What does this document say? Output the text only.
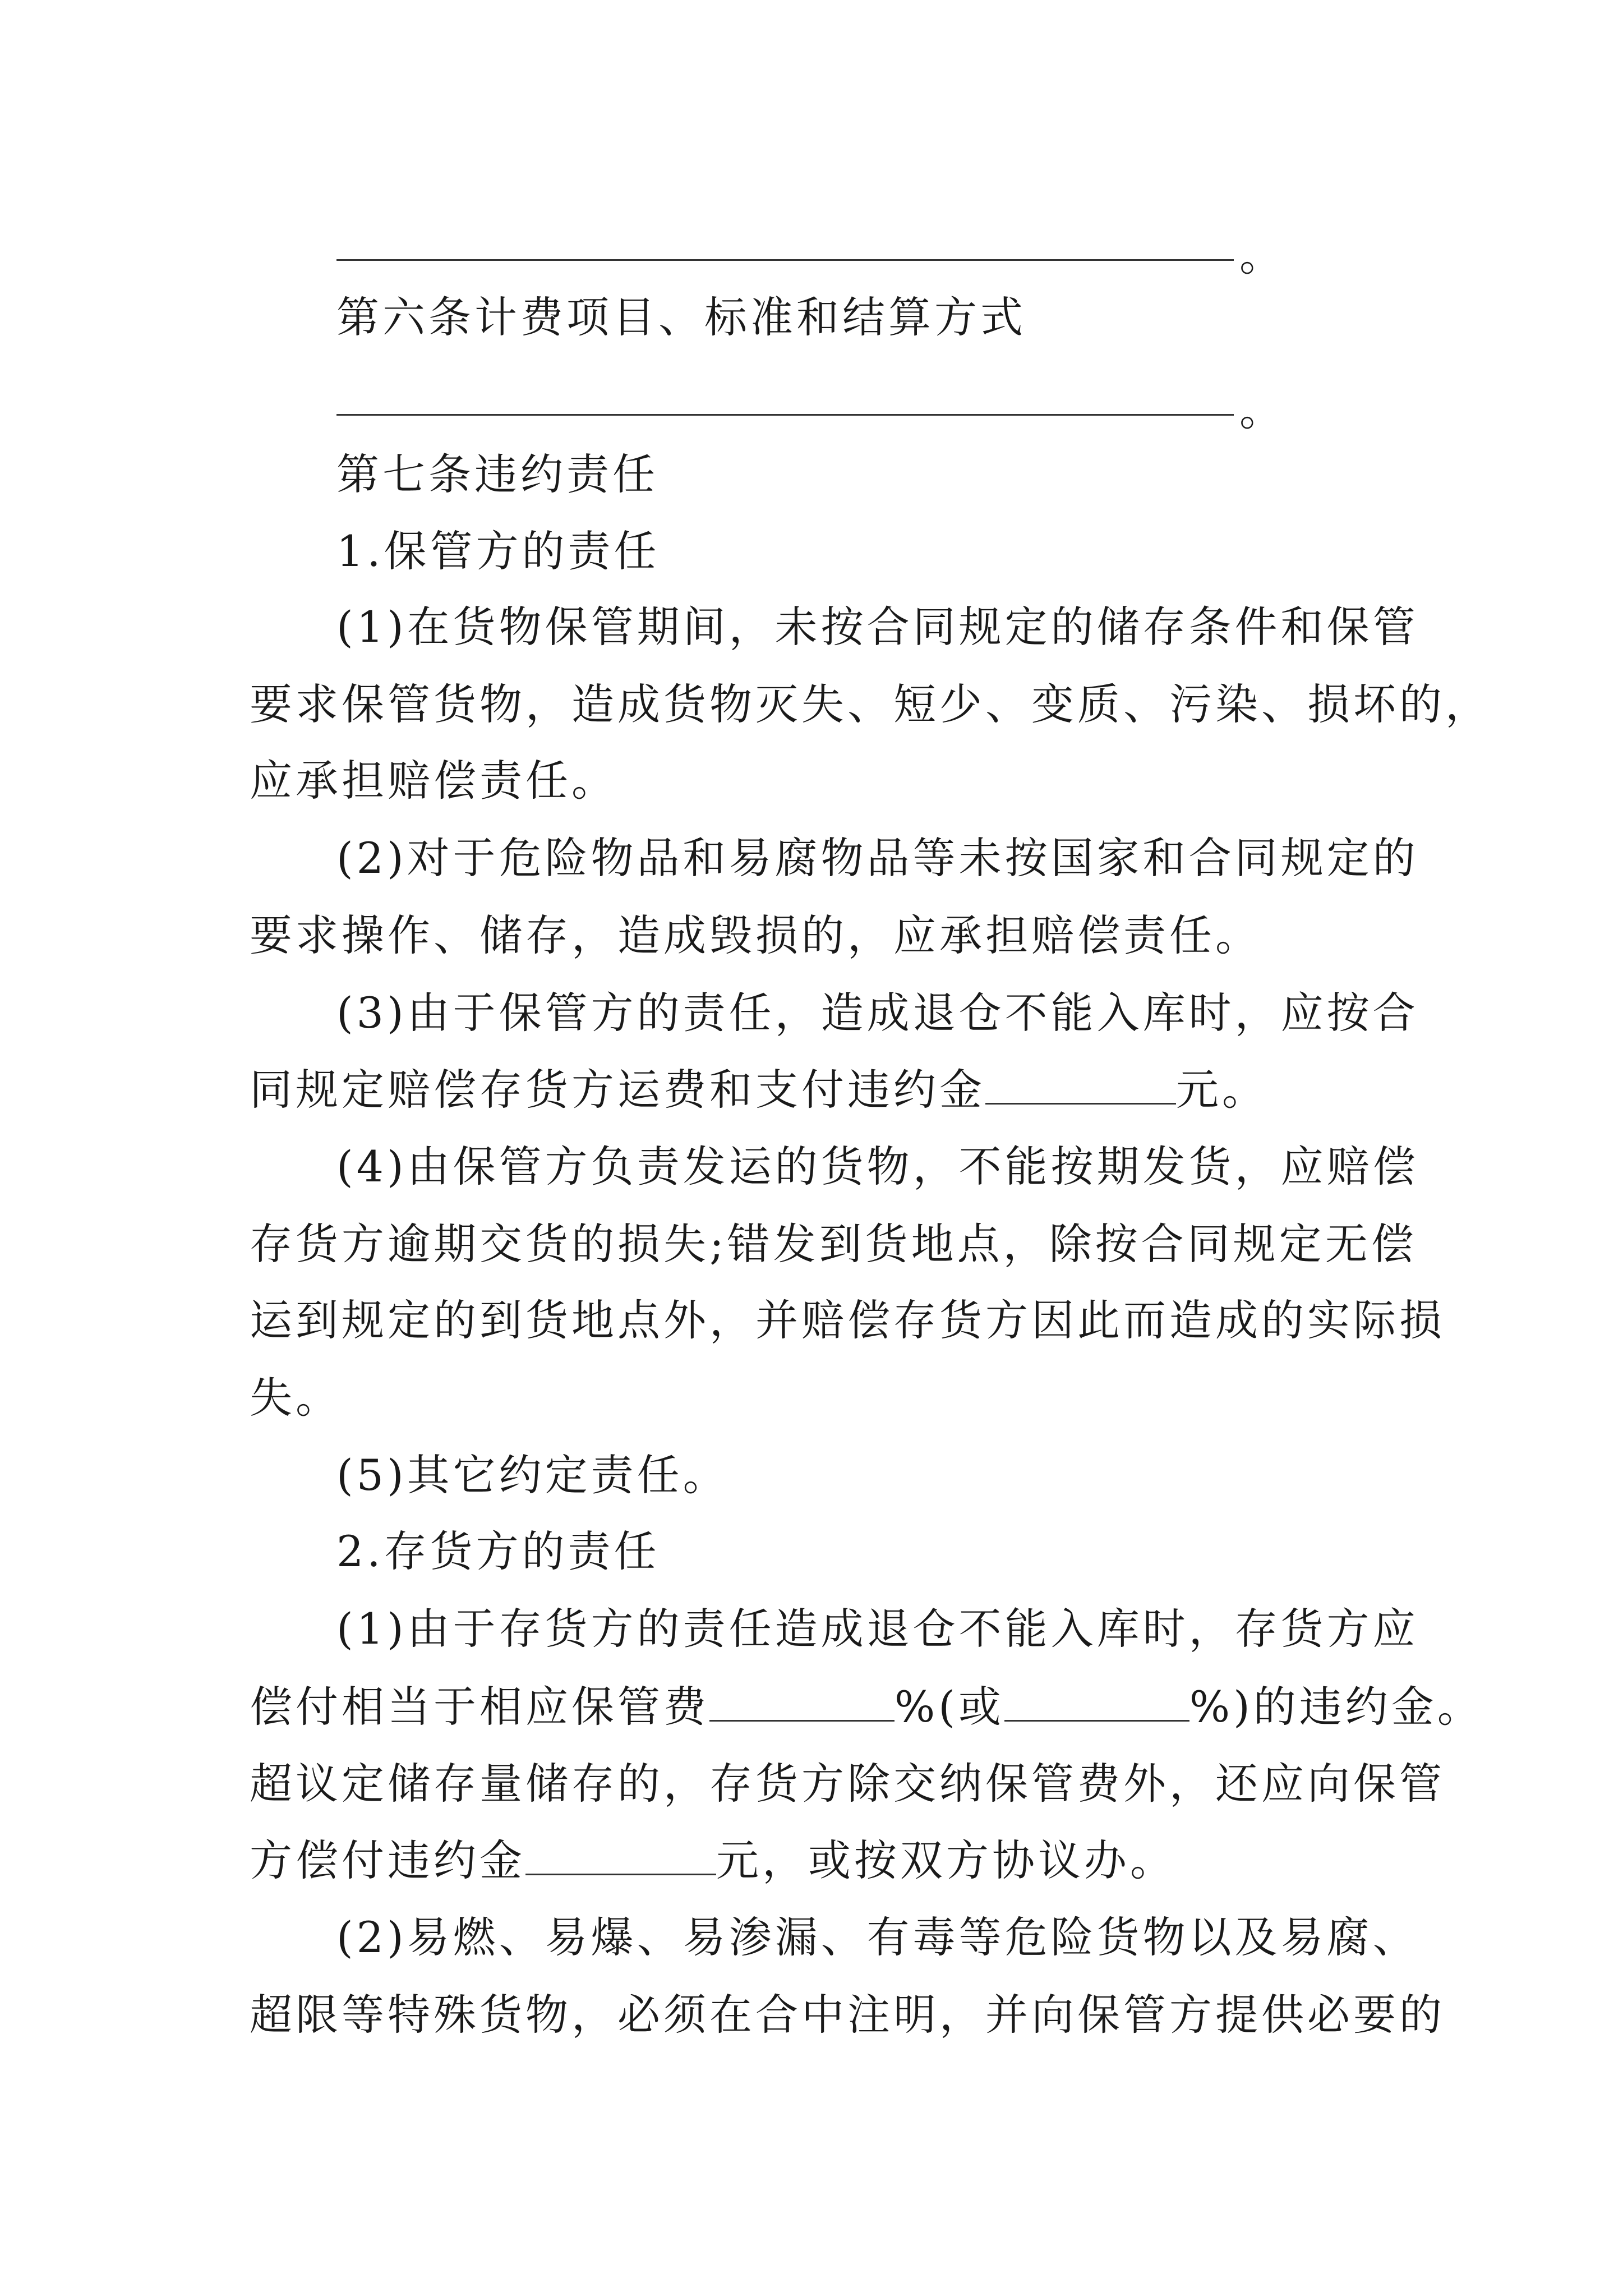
。
第六条计费项目、标准和结算方式
。
第七条违约责任
1.保管方的责任
(1)在货物保管期间，未按合同规定的储存条件和保管
要求保管货物，造成货物灭失、短少、变质、污染、损坏的，
应承担赔偿责任。
(2)对于危险物品和易腐物品等未按国家和合同规定的
要求操作、储存，造成毁损的，应承担赔偿责任。
(3)由于保管方的责任，造成退仓不能入库时，应按合
同规定赔偿存货方运费和支付违约金	元。
(4)由保管方负责发运的货物，不能按期发货，应赔偿
存货方逾期交货的损失;错发到货地点，除按合同规定无偿
运到规定的到货地点外，并赔偿存货方因此而造成的实际损
失。
(5)其它约定责任。
2.存货方的责任
(1)由于存货方的责任造成退仓不能入库时，存货方应
偿付相当于相应保管费	%(或	%)的违约金。
超议定储存量储存的，存货方除交纳保管费外，还应向保管
方偿付违约金	元，或按双方协议办。
(2)易燃、易爆、易渗漏、有毒等危险货物以及易腐、
超限等特殊货物，必须在合中注明，并向保管方提供必要的
